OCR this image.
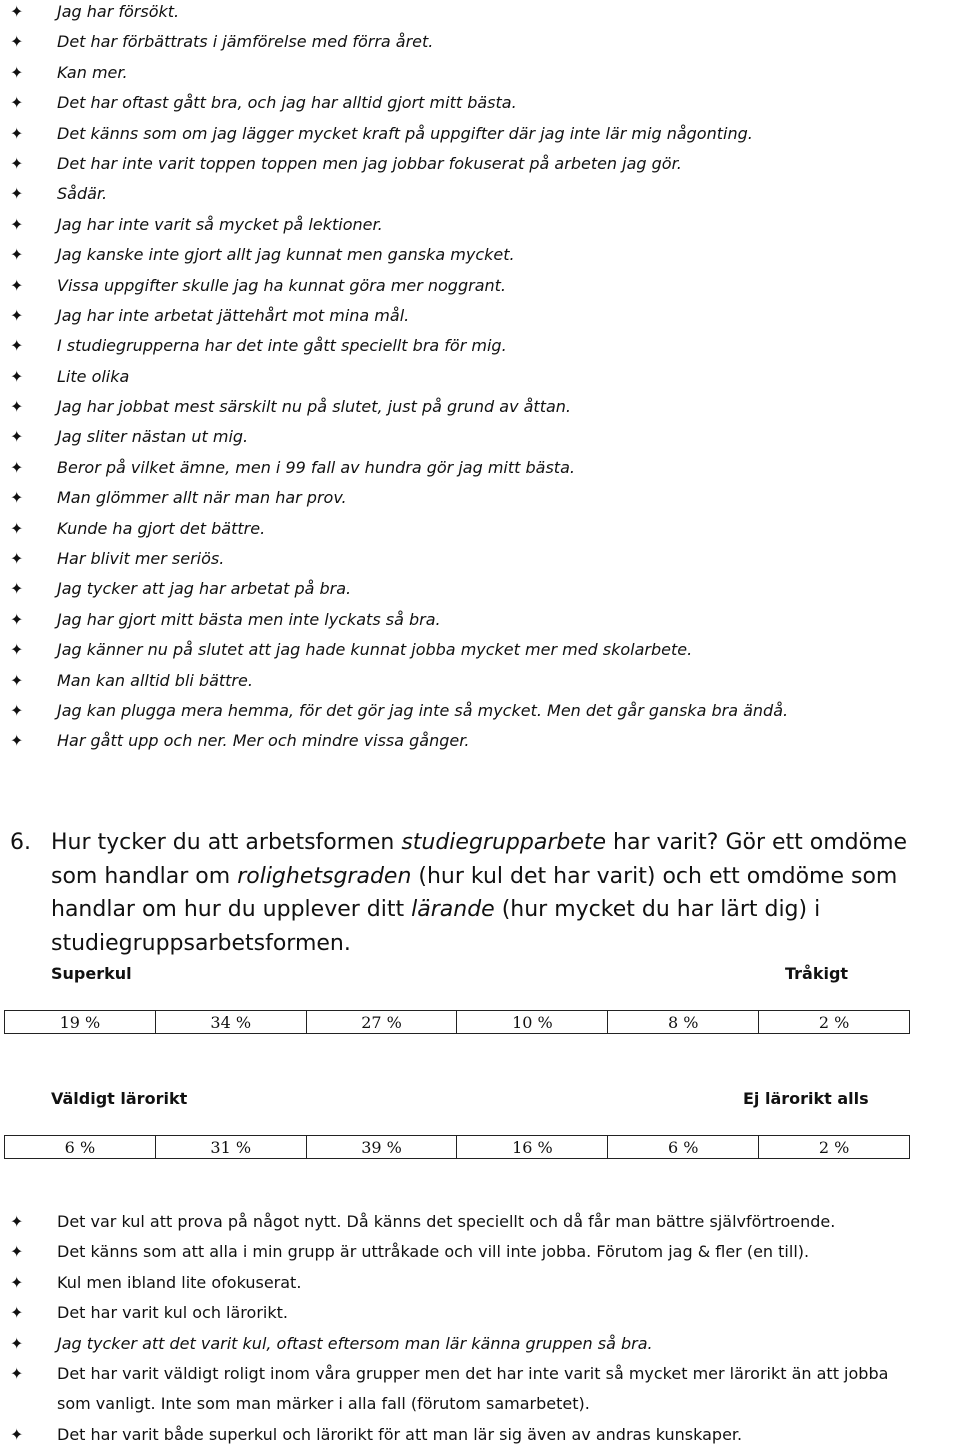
✦ Jag har försökt.
✦ Det har förbättrats i jämförelse med förra året.
✦ Kan mer.
✦ Det har oftast gått bra, och jag har alltid gjort mitt bästa.
✦ Det känns som om jag lägger mycket kraft på uppgifter där jag inte lär mig någonting.
✦ Det har inte varit toppen toppen men jag jobbar fokuserat på arbeten jag gör.
✦ Sådär.
✦ Jag har inte varit så mycket på lektioner.
✦ Jag kanske inte gjort allt jag kunnat men ganska mycket.
✦ Vissa uppgifter skulle jag ha kunnat göra mer noggrant.
✦ Jag har inte arbetat jättehårt mot mina mål.
✦ I studiegrupperna har det inte gått speciellt bra för mig.
✦ Lite olika
✦ Jag har jobbat mest särskilt nu på slutet, just på grund av åttan.
✦ Jag sliter nästan ut mig.
✦ Beror på vilket ämne, men i 99 fall av hundra gör jag mitt bästa.
✦ Man glömmer allt när man har prov.
✦ Kunde ha gjort det bättre.
✦ Har blivit mer seriös.
✦ Jag tycker att jag har arbetat på bra.
✦ Jag har gjort mitt bästa men inte lyckats så bra.
✦ Jag känner nu på slutet att jag hade kunnat jobba mycket mer med skolarbete.
✦ Man kan alltid bli bättre.
✦ Jag kan plugga mera hemma, för det gör jag inte så mycket. Men det går ganska bra ändå.
✦ Har gått upp och ner. Mer och mindre vissa gånger.
6. Hur tycker du att arbetsformen studiegrupparbete har varit? Gör ett omdöme som handlar om rolighetsgraden (hur kul det har varit) och ett omdöme som handlar om hur du upplever ditt lärande (hur mycket du har lärt dig) i studiegruppsarbetsformen.
Superkul	Tråkigt
19 %	34 %	27 %	10 %	8 %	2 %
Väldigt lärorikt	Ej lärorikt alls
6 %	31 %	39 %	16 %	6 %	2 %
✦ Det var kul att prova på något nytt. Då känns det speciellt och då får man bättre självförtroende.
✦ Det känns som att alla i min grupp är uttråkade och vill inte jobba. Förutom jag & fler (en till).
✦ Kul men ibland lite ofokuserat.
✦ Det har varit kul och lärorikt.
✦ Jag tycker att det varit kul, oftast eftersom man lär känna gruppen så bra.
✦ Det har varit väldigt roligt inom våra grupper men det har inte varit så mycket mer lärorikt än att jobba
som vanligt. Inte som man märker i alla fall (förutom samarbetet).
✦ Det har varit både superkul och lärorikt för att man lär sig även av andras kunskaper.
